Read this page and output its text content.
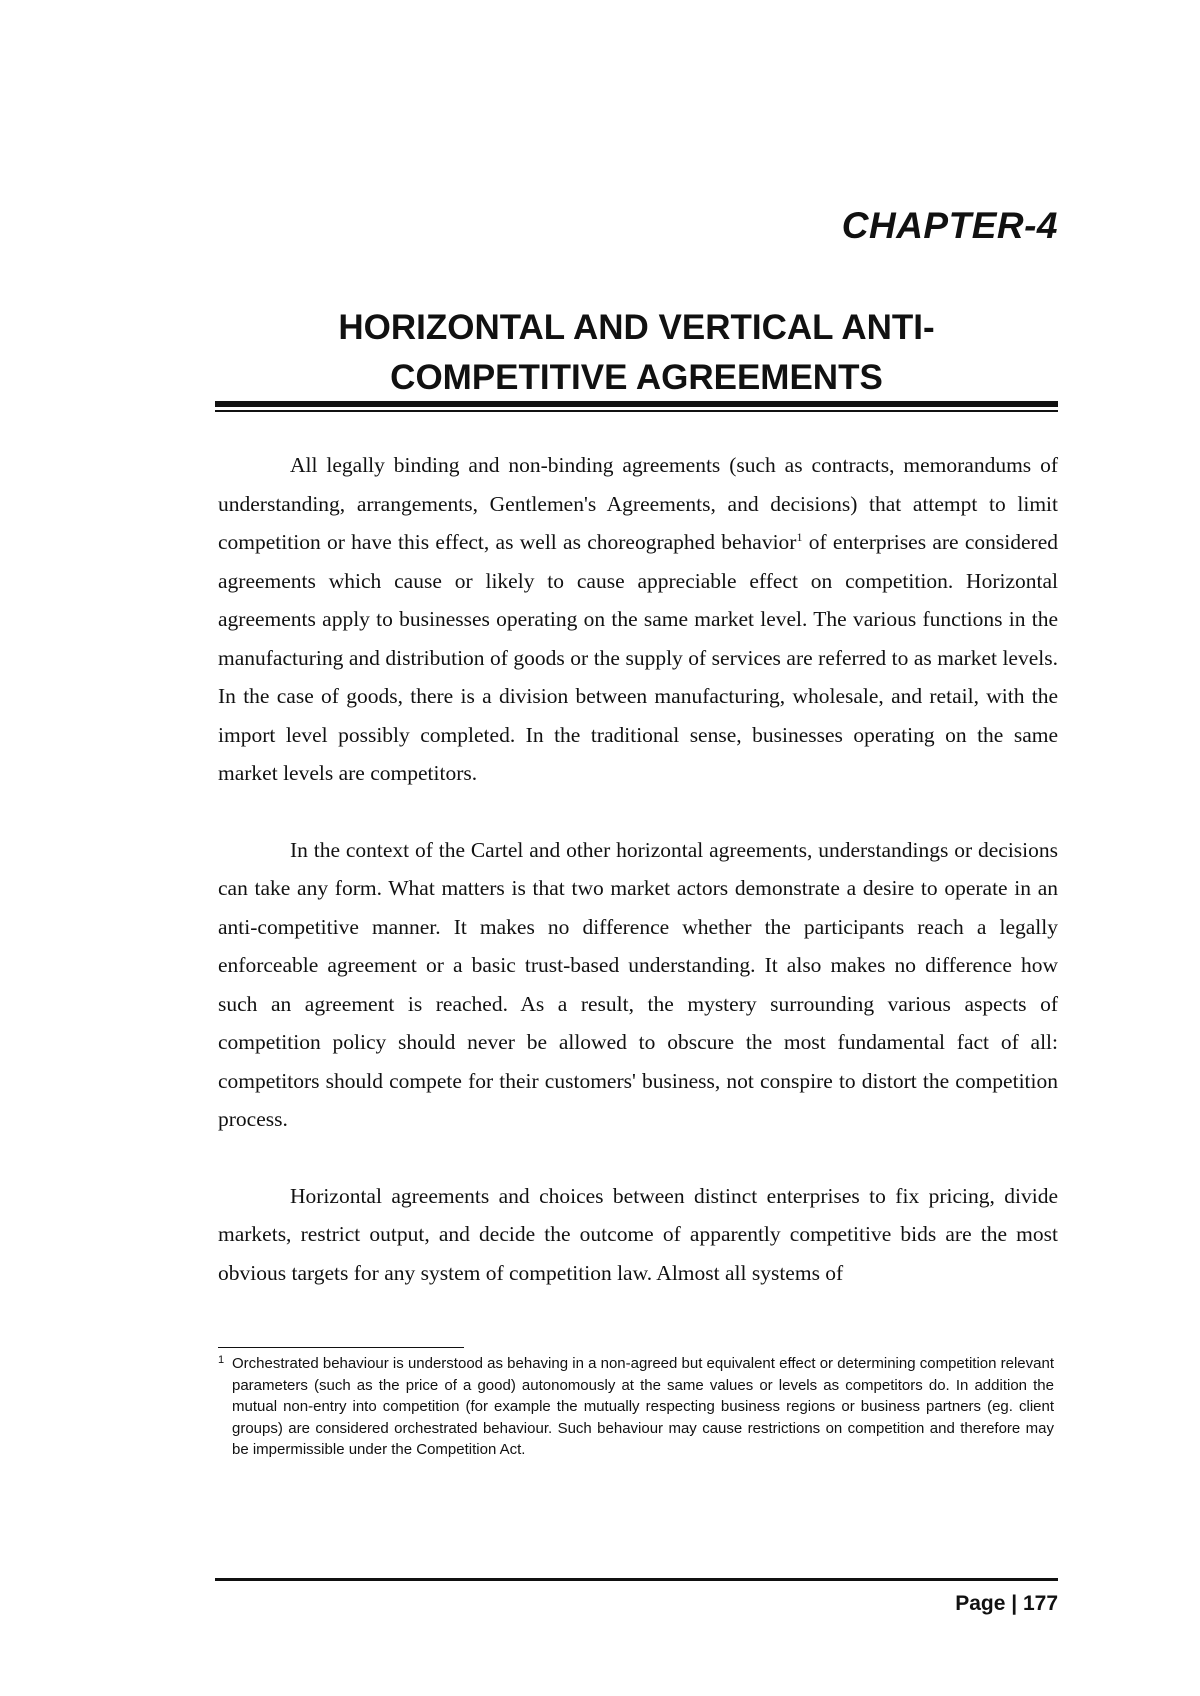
CHAPTER-4
HORIZONTAL AND VERTICAL ANTI-
COMPETITIVE AGREEMENTS

All legally binding and non-binding agreements (such as contracts, memorandums of understanding, arrangements, Gentlemen's Agreements, and decisions) that attempt to limit competition or have this effect, as well as choreographed behavior$^1$ of enterprises are considered agreements which cause or likely to cause appreciable effect on competition. Horizontal agreements apply to businesses operating on the same market level. The various functions in the manufacturing and distribution of goods or the supply of services are referred to as market levels. In the case of goods, there is a division between manufacturing, wholesale, and retail, with the import level possibly completed. In the traditional sense, businesses operating on the same market levels are competitors.

In the context of the Cartel and other horizontal agreements, understandings or decisions can take any form. What matters is that two market actors demonstrate a desire to operate in an anti-competitive manner. It makes no difference whether the participants reach a legally enforceable agreement or a basic trust-based understanding. It also makes no difference how such an agreement is reached. As a result, the mystery surrounding various aspects of competition policy should never be allowed to obscure the most fundamental fact of all: competitors should compete for their customers' business, not conspire to distort the competition process.

Horizontal agreements and choices between distinct enterprises to fix pricing, divide markets, restrict output, and decide the outcome of apparently competitive bids are the most obvious targets for any system of competition law. Almost all systems of

1 Orchestrated behaviour is understood as behaving in a non-agreed but equivalent effect or determining competition relevant parameters (such as the price of a good) autonomously at the same values or levels as competitors do. In addition the mutual non-entry into competition (for example the mutually respecting business regions or business partners (eg. client groups) are considered orchestrated behaviour. Such behaviour may cause restrictions on competition and therefore may be impermissible under the Competition Act.
Page | 177
